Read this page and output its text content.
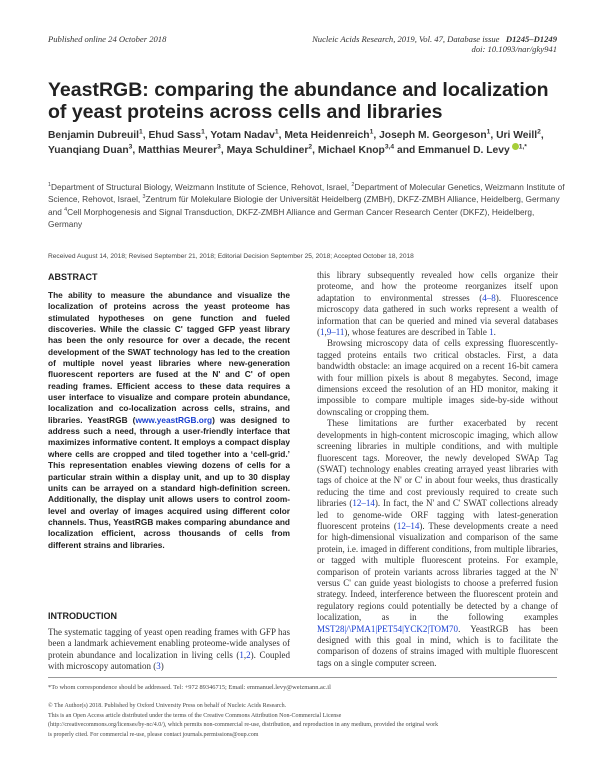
Published online 24 October 2018	Nucleic Acids Research, 2019, Vol. 47, Database issue D1245–D1249
doi: 10.1093/nar/gky941
YeastRGB: comparing the abundance and localization of yeast proteins across cells and libraries
Benjamin Dubreuil$^1$, Ehud Sass$^1$, Yotam Nadav$^1$, Meta Heidenreich$^1$, Joseph M. Georgeson$^1$, Uri Weill$^2$, Yuanqiang Duan$^3$, Matthias Meurer$^3$, Maya Schuldiner$^2$, Michael Knop$^{3,4}$ and Emmanuel D. Levy $^{1,*}$
$^1$Department of Structural Biology, Weizmann Institute of Science, Rehovot, Israel, $^2$Department of Molecular Genetics, Weizmann Institute of Science, Rehovot, Israel, $^3$Zentrum für Molekulare Biologie der Universität Heidelberg (ZMBH), DKFZ-ZMBH Alliance, Heidelberg, Germany and $^4$Cell Morphogenesis and Signal Transduction, DKFZ-ZMBH Alliance and German Cancer Research Center (DKFZ), Heidelberg, Germany
Received August 14, 2018; Revised September 21, 2018; Editorial Decision September 25, 2018; Accepted October 18, 2018
ABSTRACT
The ability to measure the abundance and visualize the localization of proteins across the yeast proteome has stimulated hypotheses on gene function and fueled discoveries. While the classic C' tagged GFP yeast library has been the only resource for over a decade, the recent development of the SWAT technology has led to the creation of multiple novel yeast libraries where new-generation fluorescent reporters are fused at the N' and C' of open reading frames. Efficient access to these data requires a user interface to visualize and compare protein abundance, localization and co-localization across cells, strains, and libraries. YeastRGB (www.yeastRGB.org) was designed to address such a need, through a user-friendly interface that maximizes informative content. It employs a compact display where cells are cropped and tiled together into a ‘cell-grid.’ This representation enables viewing dozens of cells for a particular strain within a display unit, and up to 30 display units can be arrayed on a standard high-definition screen. Additionally, the display unit allows users to control zoom-level and overlay of images acquired using different color channels. Thus, YeastRGB makes comparing abundance and localization efficient, across thousands of cells from different strains and libraries.
INTRODUCTION
The systematic tagging of yeast open reading frames with GFP has been a landmark achievement enabling proteome-wide analyses of protein abundance and localization in living cells (1,2). Coupled with microscopy automation (3)

this library subsequently revealed how cells organize their proteome, and how the proteome reorganizes itself upon adaptation to environmental stresses (4–8). Fluorescence microscopy data gathered in such works represent a wealth of information that can be queried and mined via several databases (1,9–11), whose features are described in Table 1.

Browsing microscopy data of cells expressing fluorescently-tagged proteins entails two critical obstacles. First, a data bandwidth obstacle: an image acquired on a recent 16-bit camera with four million pixels is about 8 megabytes. Second, image dimensions exceed the resolution of an HD monitor, making it impossible to compare multiple images side-by-side without downscaling or cropping them.

These limitations are further exacerbated by recent developments in high-content microscopic imaging, which allow screening libraries in multiple conditions, and with multiple fluorescent tags. Moreover, the newly developed SWAp Tag (SWAT) technology enables creating arrayed yeast libraries with tags of choice at the N' or C' in about four weeks, thus drastically reducing the time and cost previously required to create such libraries (12–14). In fact, the N' and C' SWAT collections already led to genome-wide ORF tagging with latest-generation fluorescent proteins (12–14). These developments create a need for high-dimensional visualization and comparison of the same protein, i.e. imaged in different conditions, from multiple libraries, or tagged with multiple fluorescent proteins. For example, comparison of protein variants across libraries tagged at the N' versus C' can guide yeast biologists to choose a preferred fusion strategy. Indeed, interference between the fluorescent protein and regulatory regions could potentially be detected by a change of localization, as in the following examples MST28|/\PMA1|PET54|YCK2|TOM70. YeastRGB has been designed with this goal in mind, which is to facilitate the comparison of dozens of strains imaged with multiple fluorescent tags on a single computer screen.

*To whom correspondence should be addressed. Tel: +972 89346715; Email: emmanuel.levy@weizmann.ac.il
© The Author(s) 2018. Published by Oxford University Press on behalf of Nucleic Acids Research.
This is an Open Access article distributed under the terms of the Creative Commons Attribution Non-Commercial License
(http://creativecommons.org/licenses/by-nc/4.0/), which permits non-commercial re-use, distribution, and reproduction in any medium, provided the original work
is properly cited. For commercial re-use, please contact journals.permissions@oup.com
